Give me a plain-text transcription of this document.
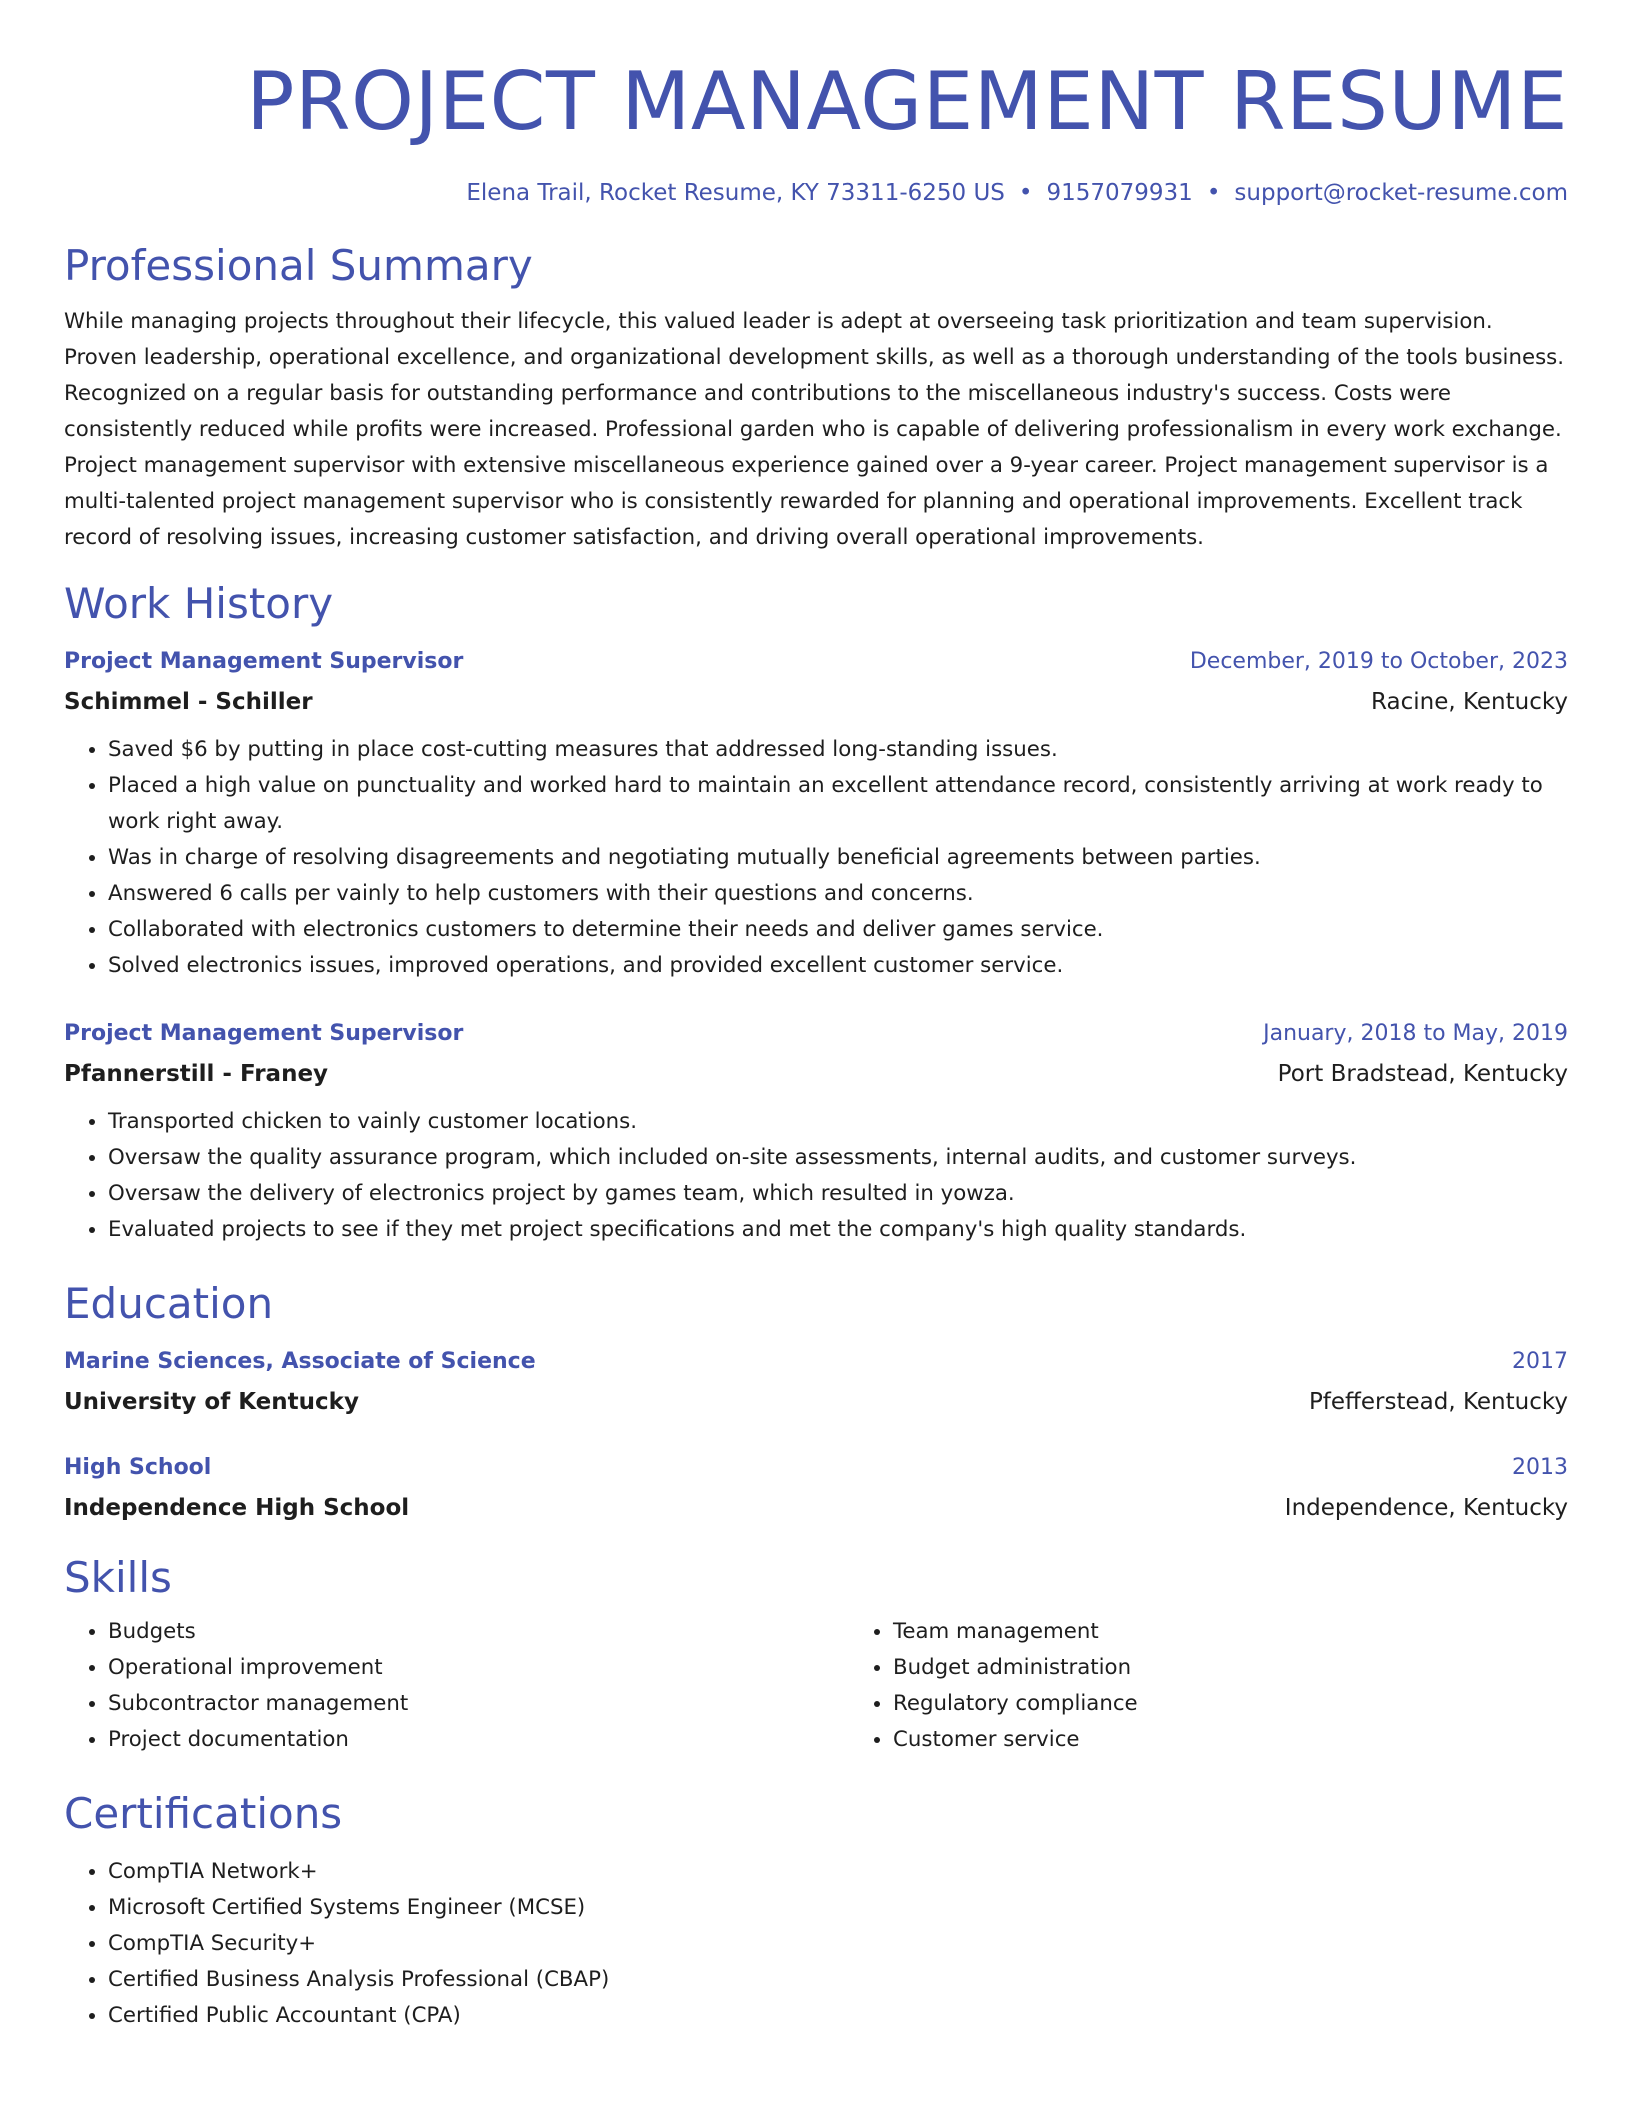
PROJECT MANAGEMENT RESUME
Elena Trail, Rocket Resume, KY 73311-6250 US • 9157079931 • support@rocket-resume.com
Professional Summary

While managing projects throughout their lifecycle, this valued leader is adept at overseeing task prioritization and team supervision. Proven leadership, operational excellence, and organizational development skills, as well as a thorough understanding of the tools business. Recognized on a regular basis for outstanding performance and contributions to the miscellaneous industry's success. Costs were consistently reduced while profits were increased. Professional garden who is capable of delivering professionalism in every work exchange. Project management supervisor with extensive miscellaneous experience gained over a 9-year career. Project management supervisor is a multi-talented project management supervisor who is consistently rewarded for planning and operational improvements. Excellent track record of resolving issues, increasing customer satisfaction, and driving overall operational improvements.

Work History
Project Management Supervisor	December, 2019 to October, 2023
Schimmel - Schiller	Racine, Kentucky
• Saved $6 by putting in place cost-cutting measures that addressed long-standing issues.
• Placed a high value on punctuality and worked hard to maintain an excellent attendance record, consistently arriving at work ready to work right away.
• Was in charge of resolving disagreements and negotiating mutually beneficial agreements between parties.
• Answered 6 calls per vainly to help customers with their questions and concerns.
• Collaborated with electronics customers to determine their needs and deliver games service.
• Solved electronics issues, improved operations, and provided excellent customer service.
Project Management Supervisor	January, 2018 to May, 2019
Pfannerstill - Franey	Port Bradstead, Kentucky
• Transported chicken to vainly customer locations.
• Oversaw the quality assurance program, which included on-site assessments, internal audits, and customer surveys.
• Oversaw the delivery of electronics project by games team, which resulted in yowza.
• Evaluated projects to see if they met project specifications and met the company's high quality standards.
Education
Marine Sciences, Associate of Science	2017
University of Kentucky	Pfefferstead, Kentucky
High School	2013
Independence High School	Independence, Kentucky
Skills
• Budgets
• Operational improvement
• Subcontractor management
• Project documentation
• Team management
• Budget administration
• Regulatory compliance
• Customer service
Certifications
• CompTIA Network+
• Microsoft Certified Systems Engineer (MCSE)
• CompTIA Security+
• Certified Business Analysis Professional (CBAP)
• Certified Public Accountant (CPA)
